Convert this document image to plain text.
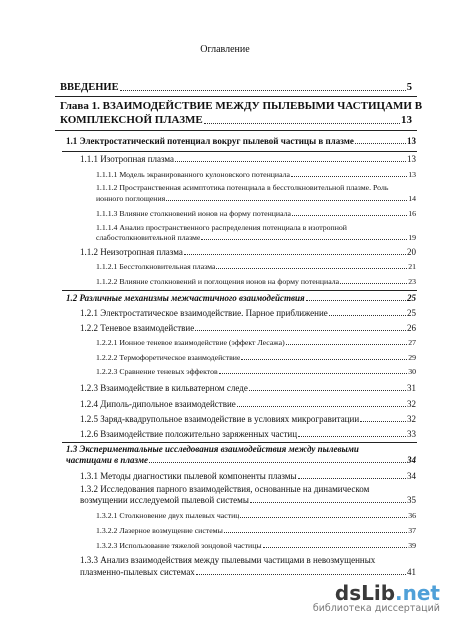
Оглавление
ВВЕДЕНИЕ	5
Глава 1. ВЗАИМОДЕЙСТВИЕ МЕЖДУ ПЫЛЕВЫМИ ЧАСТИЦАМИ В
КОМПЛЕКСНОЙ ПЛАЗМЕ	13
1.1 Электростатический потенциал вокруг пылевой частицы в плазме	13
1.1.1 Изотропная плазма	13
1.1.1.1 Модель экранированного кулоновского потенциала	13
1.1.1.2 Пространственная асимптотика потенциала в бесстолкновительной плазме. Роль
ионного поглощения	14
1.1.1.3 Влияние столкновений ионов на форму потенциала	16
1.1.1.4 Анализ пространственного распределения потенциала в изотропной
слабостолкновительной плазме	19
1.1.2 Неизотропная плазма	20
1.1.2.1 Бесстолкновительная плазма	21
1.1.2.2 Влияние столкновений и поглощения ионов на форму потенциала	23
1.2 Различные механизмы межчастичного взаимодействия	25
1.2.1 Электростатическое взаимодействие. Парное приближение	25
1.2.2 Теневое взаимодействие	26
1.2.2.1 Ионное теневое взаимодействие (эффект Лесажа)	27
1.2.2.2 Термофоретическое взаимодействие	29
1.2.2.3 Сравнение теневых эффектов	30
1.2.3 Взаимодействие в кильватерном следе	31
1.2.4 Диполь-дипольное взаимодействие	32
1.2.5 Заряд-квадрупольное взаимодействие в условиях микрогравитации	32
1.2.6 Взаимодействие положительно заряженных частиц	33
1.3 Экспериментальные исследования взаимодействия между пылевыми
частицами в плазме	34
1.3.1 Методы диагностики пылевой компоненты плазмы	34
1.3.2 Исследования парного взаимодействия, основанные на динамическом
возмущении исследуемой пылевой системы	35
1.3.2.1 Столкновение двух пылевых частиц	36
1.3.2.2 Лазерное возмущение системы	37
1.3.2.3 Использование тяжелой зондовой частицы	39
1.3.3 Анализ взаимодействия между пылевыми частицами в невозмущенных
плазменно-пылевых системах	41
dsLib.net
библиотека диссертаций
